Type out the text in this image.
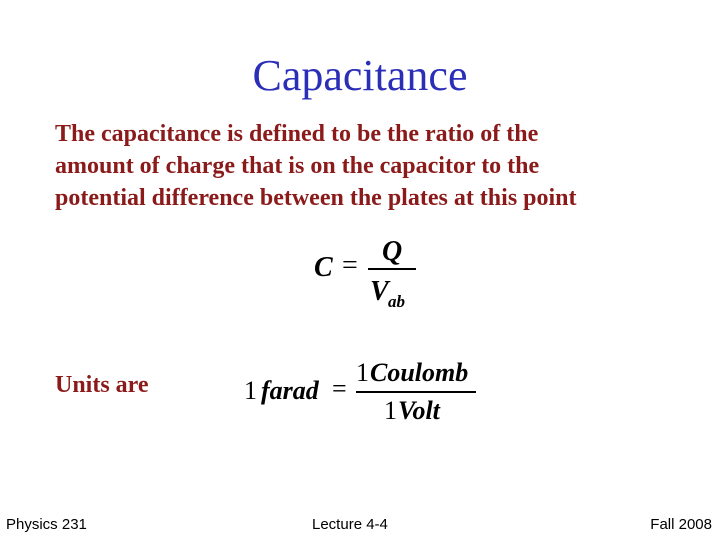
Capacitance
The capacitance is defined to be the ratio of the
amount of charge that is on the capacitor to the
potential difference between the plates at this point
C = Q
V ab
Units are	1 farad =
1 Coulomb
1 Volt
Physics 231	Lecture 4-4	Fall 2008
